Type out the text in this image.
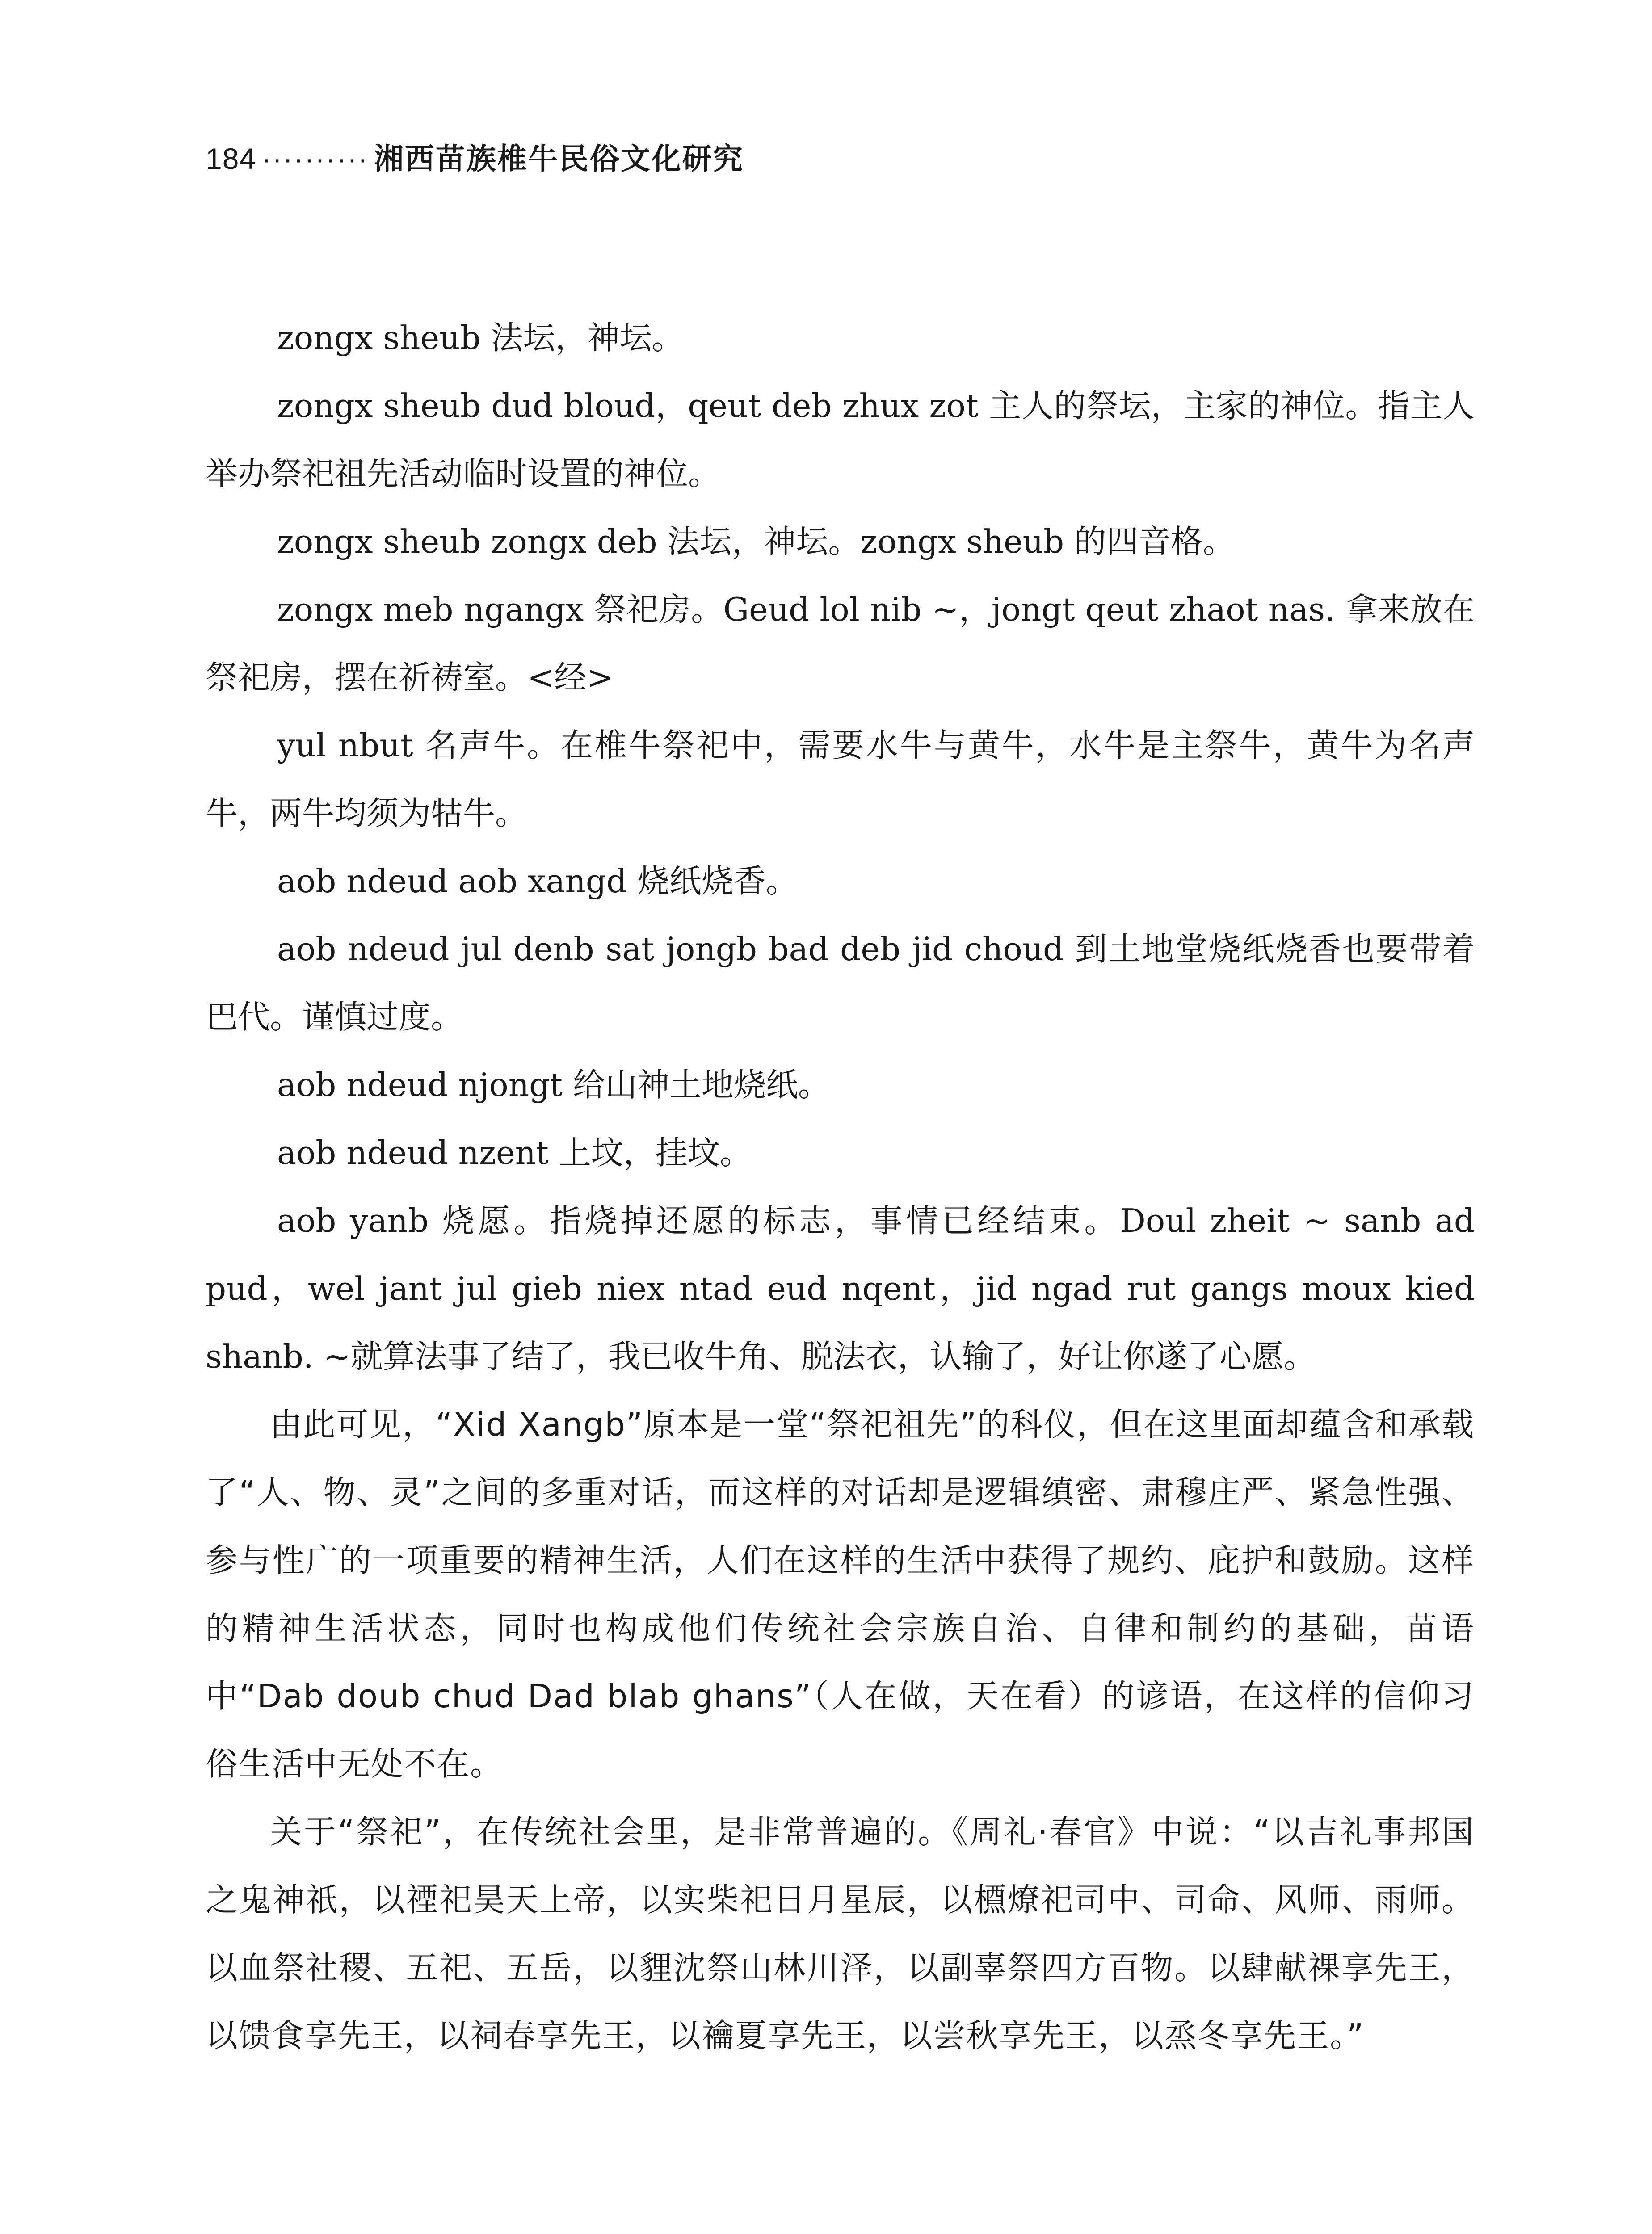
184 ·········· 湘西苗族椎牛民俗文化研究

zongx sheub 法坛，神坛。

zongx sheub dud bloud，qeut deb zhux zot 主人的祭坛，主家的神位。指主人举办祭祀祖先活动临时设置的神位。

zongx sheub zongx deb 法坛，神坛。zongx sheub 的四音格。

zongx meb ngangx 祭祀房。Geud lol nib ~，jongt qeut zhaot nas. 拿来放在祭祀房，摆在祈祷室。<经>

yul nbut 名声牛。在椎牛祭祀中，需要水牛与黄牛，水牛是主祭牛，黄牛为名声牛，两牛均须为牯牛。

aob ndeud aob xangd 烧纸烧香。

aob ndeud jul denb sat jongb bad deb jid choud 到土地堂烧纸烧香也要带着巴代。谨慎过度。

aob ndeud njongt 给山神土地烧纸。

aob ndeud nzent 上坟，挂坟。

aob yanb 烧愿。指烧掉还愿的标志，事情已经结束。Doul zheit ~ sanb ad pud，wel jant jul gieb niex ntad eud nqent，jid ngad rut gangs moux kied shanb. ~就算法事了结了，我已收牛角、脱法衣，认输了，好让你遂了心愿。

由此可见，“Xid Xangb”原本是一堂“祭祀祖先”的科仪，但在这里面却蕴含和承载了“人、物、灵”之间的多重对话，而这样的对话却是逻辑缜密、肃穆庄严、紧急性强、参与性广的一项重要的精神生活，人们在这样的生活中获得了规约、庇护和鼓励。这样的精神生活状态，同时也构成他们传统社会宗族自治、自律和制约的基础，苗语中“Dab doub chud Dad blab ghans”（人在做，天在看）的谚语，在这样的信仰习俗生活中无处不在。

关于“祭祀”，在传统社会里，是非常普遍的。《周礼·春官》中说：“以吉礼事邦国之鬼神祇，以禋祀昊天上帝，以实柴祀日月星辰，以槱燎祀司中、司命、风师、雨师。以血祭社稷、五祀、五岳，以貍沈祭山林川泽，以副辜祭四方百物。以肆献祼享先王，以馈食享先王，以祠春享先王，以禴夏享先王，以尝秋享先王，以烝冬享先王。”
